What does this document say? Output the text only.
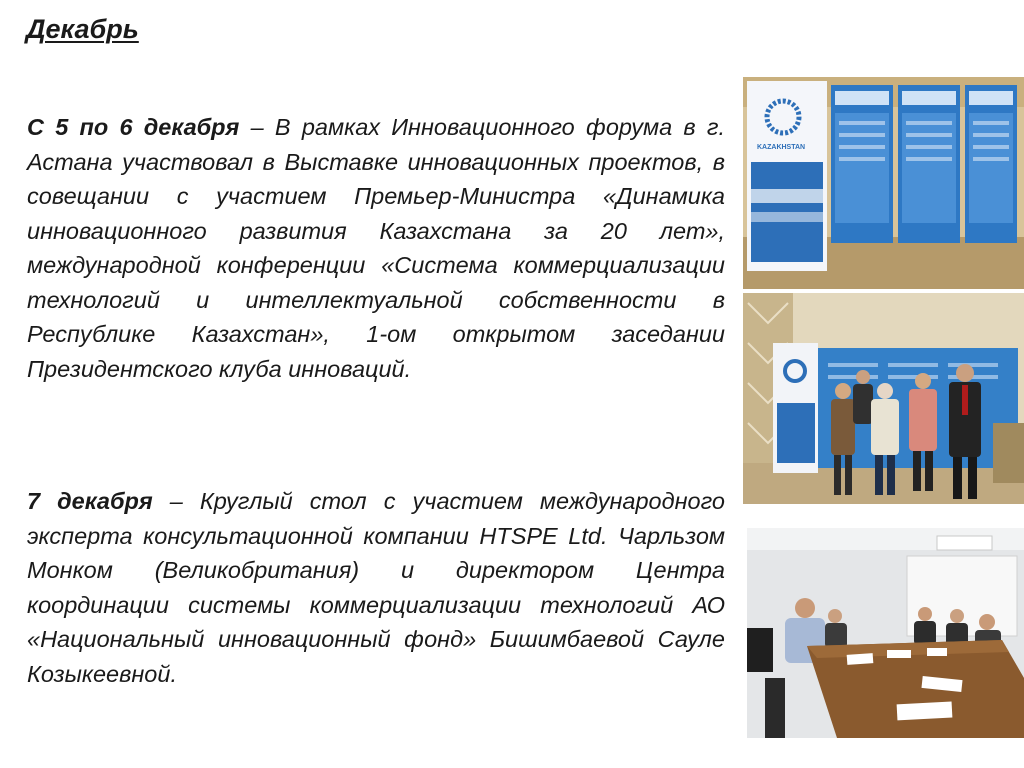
Декабрь
С 5 по 6 декабря – В рамках Инновационного форума в г. Астана участвовал в Выставке инновационных проектов, в совещании с участием Премьер-Министра «Динамика инновационного развития Казахстана за 20 лет», международной конференции «Система коммерциализации технологий и интеллектуальной собственности в Республике Казахстан», 1-ом открытом заседании Президентского клуба инноваций.
7 декабря – Круглый стол с участием международного эксперта консультационной компании HTSPE Ltd. Чарльзом Монком (Великобритания) и директором Центра координации системы коммерциализации технологий АО «Национальный инновационный фонд» Бишимбаевой Сауле Козыкеевной.
KAZAKHSTAN
